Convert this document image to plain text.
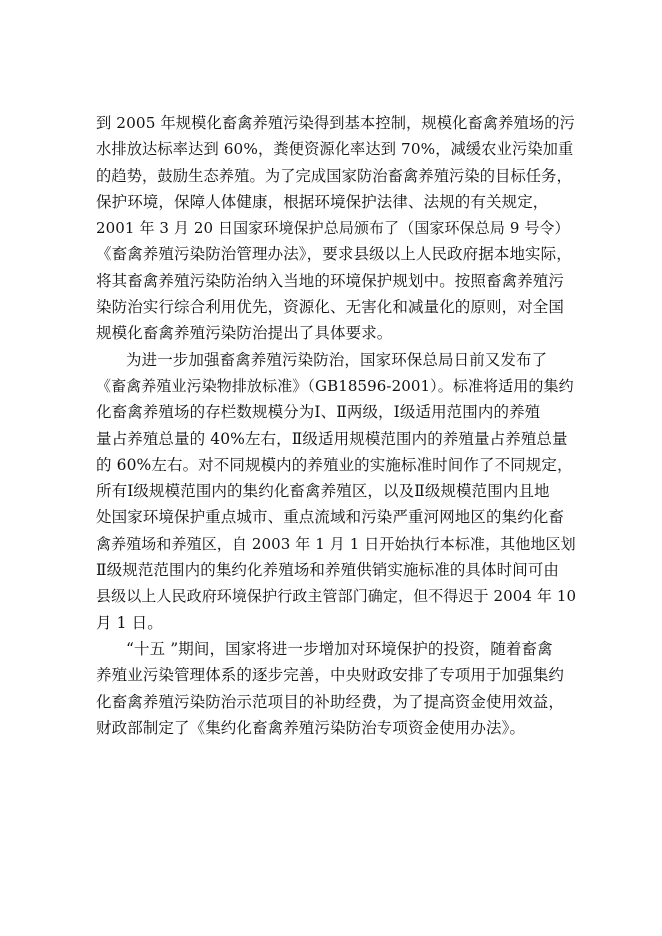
到 2005 年规模化畜禽养殖污染得到基本控制，规模化畜禽养殖场的污
水排放达标率达到 60%，粪便资源化率达到 70%，减缓农业污染加重
的趋势，鼓励生态养殖。为了完成国家防治畜禽养殖污染的目标任务，
保护环境，保障人体健康，根据环境保护法律、法规的有关规定，
2001 年 3 月 20 日国家环境保护总局颁布了（国家环保总局 9 号令）
《畜禽养殖污染防治管理办法》，要求县级以上人民政府据本地实际，
将其畜禽养殖污染防治纳入当地的环境保护规划中。按照畜禽养殖污
染防治实行综合利用优先，资源化、无害化和减量化的原则，对全国
规模化畜禽养殖污染防治提出了具体要求。

为进一步加强畜禽养殖污染防治，国家环保总局日前又发布了
《畜禽养殖业污染物排放标准》（GB18596-2001）。标准将适用的集约
化畜禽养殖场的存栏数规模分为Ⅰ、Ⅱ两级，Ⅰ级适用范围内的养殖
量占养殖总量的 40%左右，Ⅱ级适用规模范围内的养殖量占养殖总量
的 60%左右。对不同规模内的养殖业的实施标准时间作了不同规定，
所有Ⅰ级规模范围内的集约化畜禽养殖区，以及Ⅱ级规模范围内且地
处国家环境保护重点城市、重点流域和污染严重河网地区的集约化畜
禽养殖场和养殖区，自 2003 年 1 月 1 日开始执行本标准，其他地区划
Ⅱ级规范范围内的集约化养殖场和养殖供销实施标准的具体时间可由
县级以上人民政府环境保护行政主管部门确定，但不得迟于 2004 年 10
月 1 日。

“十五 ”期间，国家将进一步增加对环境保护的投资，随着畜禽
养殖业污染管理体系的逐步完善，中央财政安排了专项用于加强集约
化畜禽养殖污染防治示范项目的补助经费，为了提高资金使用效益，
财政部制定了《集约化畜禽养殖污染防治专项资金使用办法》。
